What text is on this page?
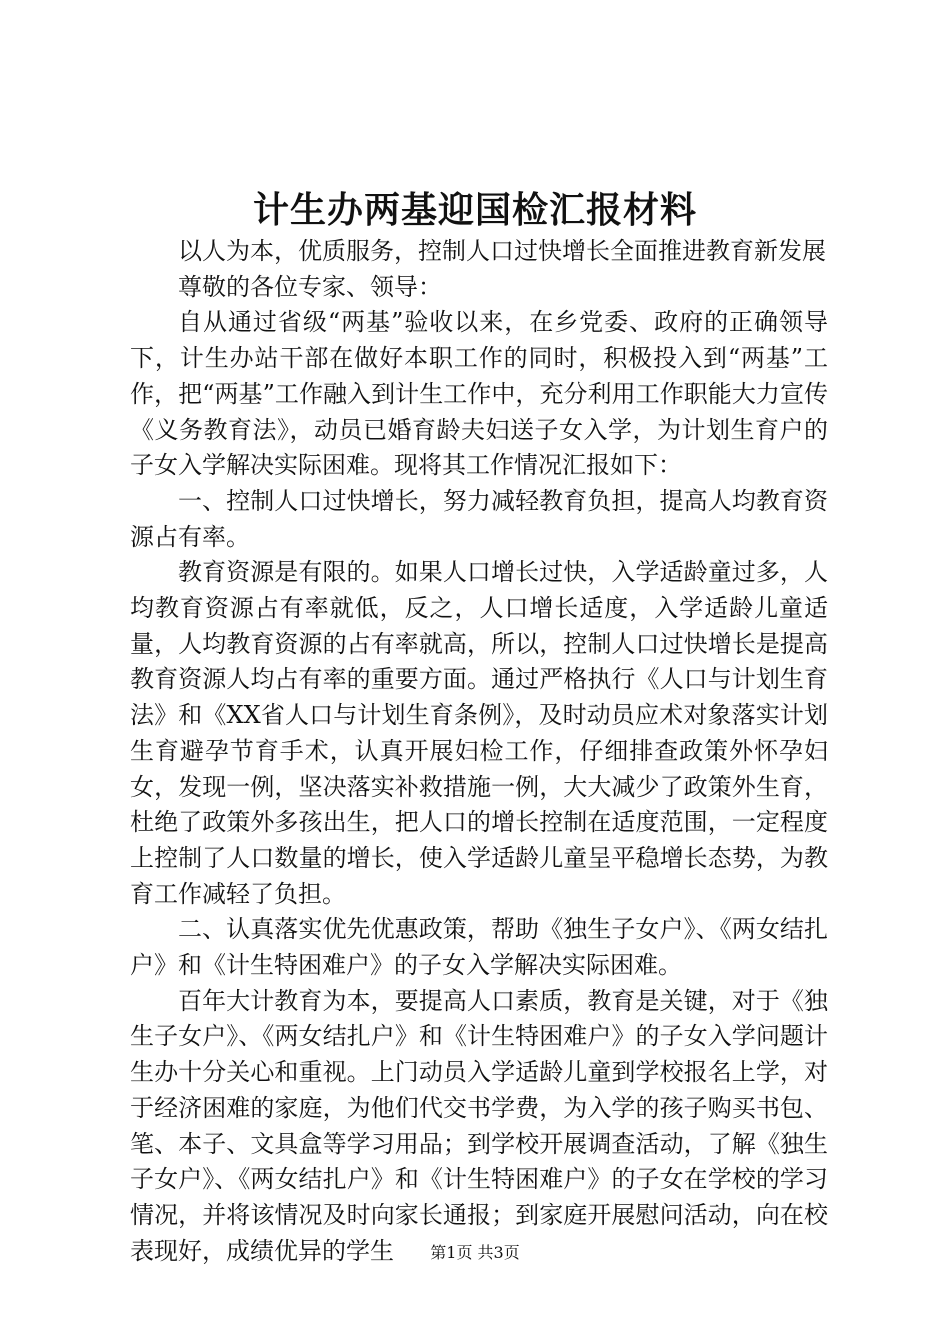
计生办两基迎国检汇报材料

以人为本，优质服务，控制人口过快增长全面推进教育新发展

尊敬的各位专家、领导：

自从通过省级“两基”验收以来，在乡党委、政府的正确领导下，计生办站干部在做好本职工作的同时，积极投入到“两基”工作，把“两基”工作融入到计生工作中，充分利用工作职能大力宣传《义务教育法》，动员已婚育龄夫妇送子女入学，为计划生育户的子女入学解决实际困难。现将其工作情况汇报如下：

一、控制人口过快增长，努力减轻教育负担，提高人均教育资源占有率。

教育资源是有限的。如果人口增长过快，入学适龄童过多，人均教育资源占有率就低，反之，人口增长适度，入学适龄儿童适量，人均教育资源的占有率就高，所以，控制人口过快增长是提高教育资源人均占有率的重要方面。通过严格执行《人口与计划生育法》和《XX省人口与计划生育条例》，及时动员应术对象落实计划生育避孕节育手术，认真开展妇检工作，仔细排查政策外怀孕妇女，发现一例，坚决落实补救措施一例，大大减少了政策外生育，杜绝了政策外多孩出生，把人口的增长控制在适度范围，一定程度上控制了人口数量的增长，使入学适龄儿童呈平稳增长态势，为教育工作减轻了负担。

二、认真落实优先优惠政策，帮助《独生子女户》、《两女结扎户》和《计生特困难户》的子女入学解决实际困难。

百年大计教育为本，要提高人口素质，教育是关键，对于《独生子女户》、《两女结扎户》和《计生特困难户》的子女入学问题计生办十分关心和重视。上门动员入学适龄儿童到学校报名上学，对于经济困难的家庭，为他们代交书学费，为入学的孩子购买书包、笔、本子、文具盒等学习用品；到学校开展调查活动，了解《独生子女户》、《两女结扎户》和《计生特困难户》的子女在学校的学习情况，并将该情况及时向家长通报；到家庭开展慰问活动，向在校表现好，成绩优异的学生	第1页 共3页
